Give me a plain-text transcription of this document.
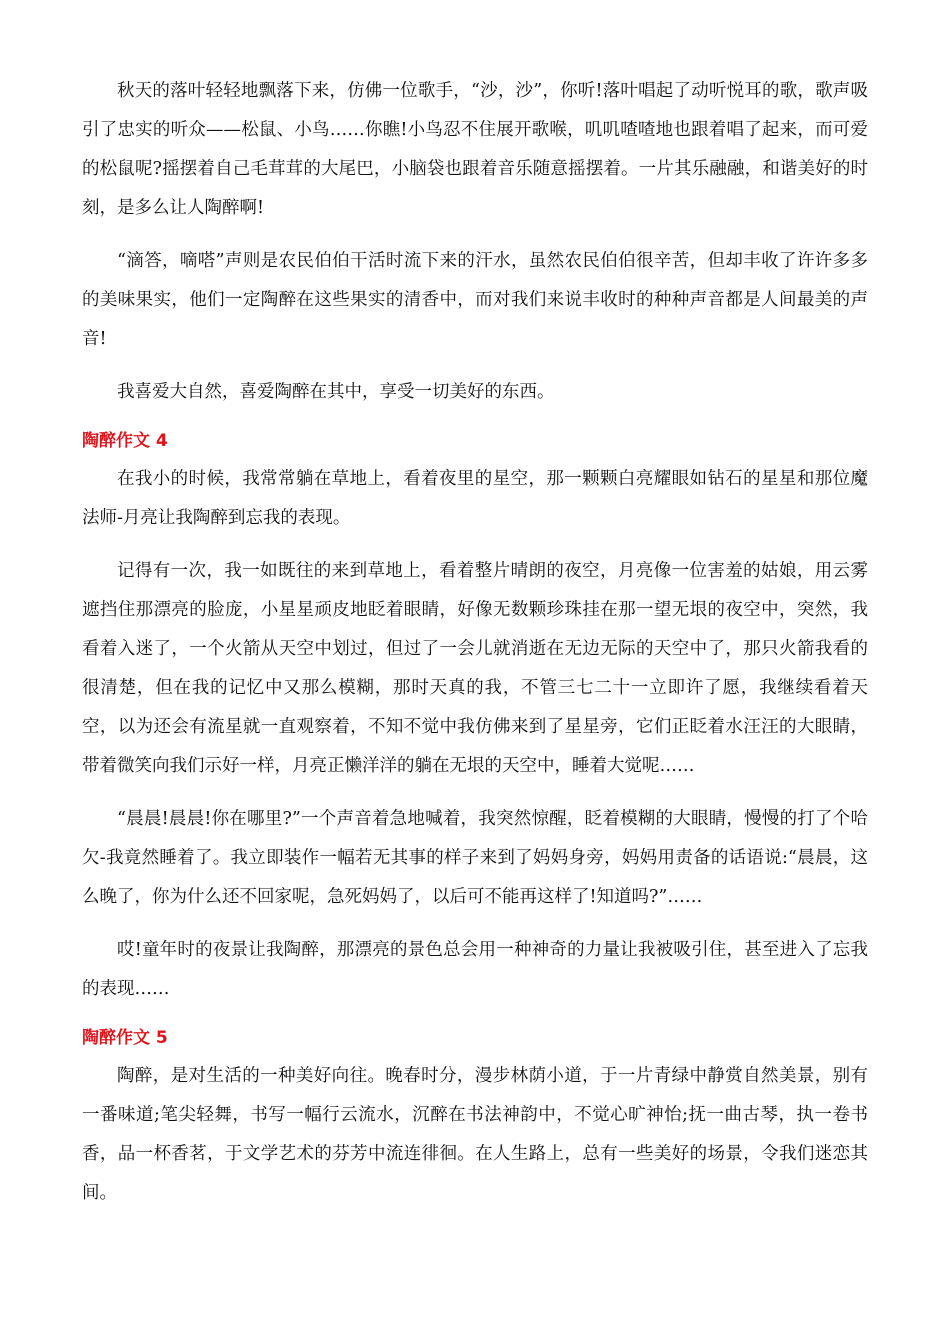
秋天的落叶轻轻地飘落下来，仿佛一位歌手，“沙，沙”，你听!落叶唱起了动听悦耳的歌，歌声吸引了忠实的听众——松鼠、小鸟……你瞧!小鸟忍不住展开歌喉，叽叽喳喳地也跟着唱了起来，而可爱的松鼠呢?摇摆着自己毛茸茸的大尾巴，小脑袋也跟着音乐随意摇摆着。一片其乐融融，和谐美好的时刻，是多么让人陶醉啊!

“滴答，嘀嗒”声则是农民伯伯干活时流下来的汗水，虽然农民伯伯很辛苦，但却丰收了许许多多的美味果实，他们一定陶醉在这些果实的清香中，而对我们来说丰收时的种种声音都是人间最美的声音!

我喜爱大自然，喜爱陶醉在其中，享受一切美好的东西。

陶醉作文 4

在我小的时候，我常常躺在草地上，看着夜里的星空，那一颗颗白亮耀眼如钻石的星星和那位魔法师-月亮让我陶醉到忘我的表现。

记得有一次，我一如既往的来到草地上，看着整片晴朗的夜空，月亮像一位害羞的姑娘，用云雾遮挡住那漂亮的脸庞，小星星顽皮地眨着眼睛，好像无数颗珍珠挂在那一望无垠的夜空中，突然，我看着入迷了，一个火箭从天空中划过，但过了一会儿就消逝在无边无际的天空中了，那只火箭我看的很清楚，但在我的记忆中又那么模糊，那时天真的我，不管三七二十一立即许了愿，我继续看着天空，以为还会有流星就一直观察着，不知不觉中我仿佛来到了星星旁，它们正眨着水汪汪的大眼睛，带着微笑向我们示好一样，月亮正懒洋洋的躺在无垠的天空中，睡着大觉呢……

“晨晨!晨晨!你在哪里?”一个声音着急地喊着，我突然惊醒，眨着模糊的大眼睛，慢慢的打了个哈欠-我竟然睡着了。我立即装作一幅若无其事的样子来到了妈妈身旁，妈妈用责备的话语说:“晨晨，这么晚了，你为什么还不回家呢，急死妈妈了，以后可不能再这样了!知道吗?”……

哎!童年时的夜景让我陶醉，那漂亮的景色总会用一种神奇的力量让我被吸引住，甚至进入了忘我的表现……

陶醉作文 5

陶醉，是对生活的一种美好向往。晚春时分，漫步林荫小道，于一片青绿中静赏自然美景，别有一番味道;笔尖轻舞，书写一幅行云流水，沉醉在书法神韵中，不觉心旷神怡;抚一曲古琴，执一卷书香，品一杯香茗，于文学艺术的芬芳中流连徘徊。在人生路上，总有一些美好的场景，令我们迷恋其间。
